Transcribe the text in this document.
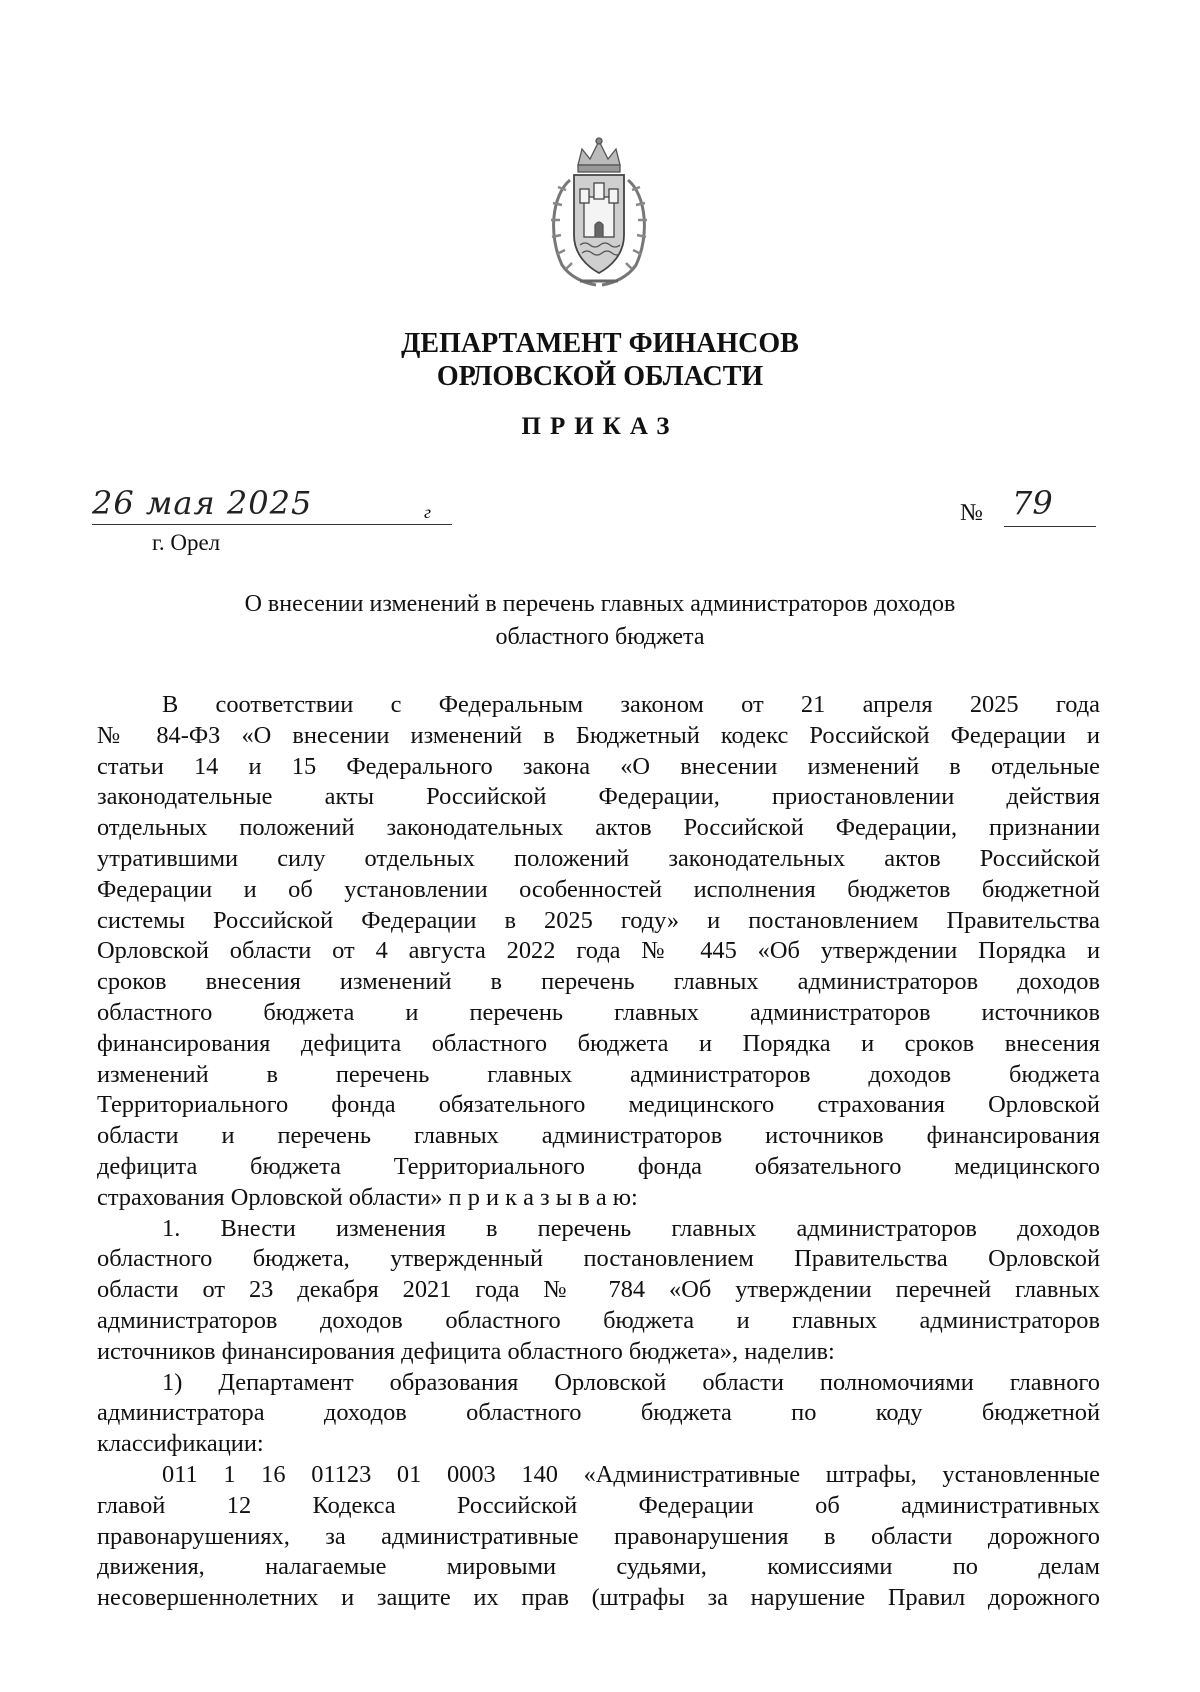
ДЕПАРТАМЕНТ ФИНАНСОВ
ОРЛОВСКОЙ ОБЛАСТИ
ПРИКАЗ
26 мая 2025	г
г. Орел
№ 79
О внесении изменений в перечень главных администраторов доходов
областного бюджета
В соответствии с Федеральным законом от 21 апреля 2025 года
№ 84-ФЗ «О внесении изменений в Бюджетный кодекс Российской Федерации и
статьи 14 и 15 Федерального закона «О внесении изменений в отдельные
законодательные акты Российской Федерации, приостановлении действия
отдельных положений законодательных актов Российской Федерации, признании
утратившими силу отдельных положений законодательных актов Российской
Федерации и об установлении особенностей исполнения бюджетов бюджетной
системы Российской Федерации в 2025 году» и постановлением Правительства
Орловской области от 4 августа 2022 года № 445 «Об утверждении Порядка и
сроков внесения изменений в перечень главных администраторов доходов
областного бюджета и перечень главных администраторов источников
финансирования дефицита областного бюджета и Порядка и сроков внесения
изменений в перечень главных администраторов доходов бюджета
Территориального фонда обязательного медицинского страхования Орловской
области и перечень главных администраторов источников финансирования
дефицита бюджета Территориального фонда обязательного медицинского
страхования Орловской области» п р и к а з ы в а ю:
1. Внести изменения в перечень главных администраторов доходов
областного бюджета, утвержденный постановлением Правительства Орловской
области от 23 декабря 2021 года № 784 «Об утверждении перечней главных
администраторов доходов областного бюджета и главных администраторов
источников финансирования дефицита областного бюджета», наделив:
1) Департамент образования Орловской области полномочиями главного
администратора доходов областного бюджета по коду бюджетной
классификации:
011 1 16 01123 01 0003 140 «Административные штрафы, установленные
главой 12 Кодекса Российской Федерации об административных
правонарушениях, за административные правонарушения в области дорожного
движения, налагаемые мировыми судьями, комиссиями по делам
несовершеннолетних и защите их прав (штрафы за нарушение Правил дорожного
